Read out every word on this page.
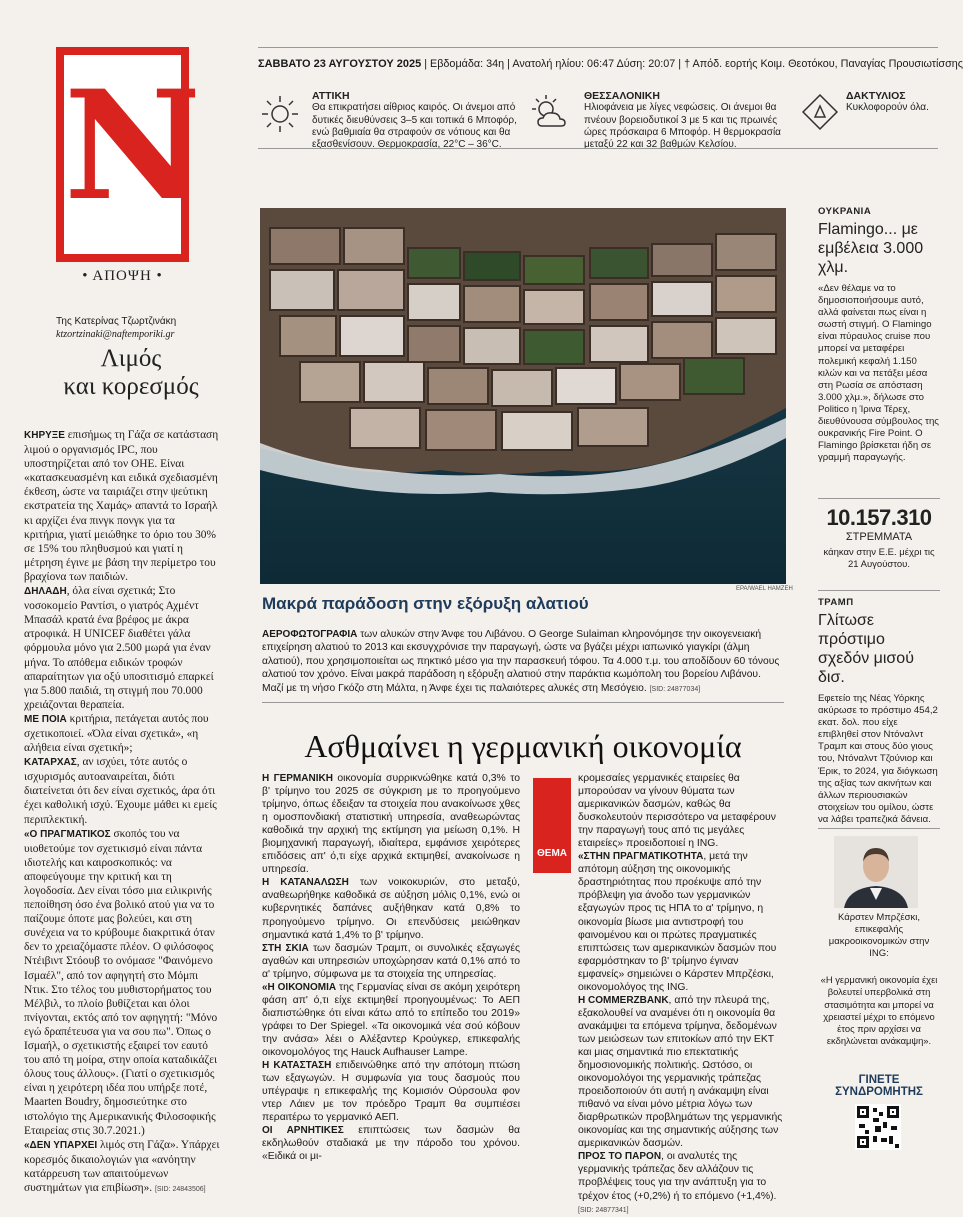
N
• ΑΠΟΨΗ •
Της Κατερίνας Τζωρτζινάκη
ktzortzinaki@naftemporiki.gr
Λιμός
και κορεσμός

ΚΗΡΥΞΕ επισήμως τη Γάζα σε κατάσταση λιμού ο οργανισμός IPC, που υποστηρίζεται από τον ΟΗΕ. Είναι «κατασκευασμένη και ειδικά σχεδιασμένη έκθεση, ώστε να ταιριάζει στην ψεύτικη εκστρατεία της Χαμάς» απαντά το Ισραήλ κι αρχίζει ένα πινγκ πονγκ για τα κριτήρια, γιατί μειώθηκε το όριο του 30% σε 15% του πληθυσμού και γιατί η μέτρηση έγινε με βάση την περίμετρο του βραχίονα των παιδιών.

ΔΗΛΑΔΗ, όλα είναι σχετικά; Στο νοσοκομείο Ραντίσι, ο γιατρός Αχμέντ Μπασάλ κρατά ένα βρέφος με άκρα ατροφικά. Η UNICEF διαθέτει γάλα φόρμουλα μόνο για 2.500 μωρά για έναν μήνα. Το απόθεμα ειδικών τροφών απαραίτητων για οξύ υποσιτισμό επαρκεί για 5.800 παιδιά, τη στιγμή που 70.000 χρειάζονται θεραπεία.

ΜΕ ΠΟΙΑ κριτήρια, πετάγεται αυτός που σχετικοποιεί. «Όλα είναι σχετικά», «η αλήθεια είναι σχετική»;

ΚΑΤΑΡΧΑΣ, αν ισχύει, τότε αυτός ο ισχυρισμός αυτοαναιρείται, διότι διατείνεται ότι δεν είναι σχετικός, άρα ότι έχει καθολική ισχύ. Έχουμε μάθει κι εμείς περιπλεκτική.

«Ο ΠΡΑΓΜΑΤΙΚΟΣ σκοπός του να υιοθετούμε τον σχετικισμό είναι πάντα ιδιοτελής και καιροσκοπικός: να αποφεύγουμε την κριτική και τη λογοδοσία. Δεν είναι τόσο μια ειλικρινής πεποίθηση όσο ένα βολικό ατού για να το παίζουμε όποτε μας βολεύει, και στη συνέχεια να το κρύβουμε διακριτικά όταν δεν το χρειαζόμαστε πλέον. Ο φιλόσοφος Ντέιβιντ Στόουβ το ονόμασε "Φαινόμενο Ισμαέλ", από τον αφηγητή στο Μόμπι Ντικ. Στο τέλος του μυθιστορήματος του Μέλβιλ, το πλοίο βυθίζεται και όλοι πνίγονται, εκτός από τον αφηγητή: "Μόνο εγώ δραπέτευσα για να σου πω". Όπως ο Ισμαήλ, ο σχετικιστής εξαιρεί τον εαυτό του από τη μοίρα, στην οποία καταδικάζει όλους τους άλλους». (Γιατί ο σχετικισμός είναι η χειρότερη ιδέα που υπήρξε ποτέ, Maarten Boudry, δημοσιεύτηκε στο ιστολόγιο της Αμερικανικής Φιλοσοφικής Εταιρείας στις 30.7.2021.)

«ΔΕΝ ΥΠΑΡΧΕΙ λιμός στη Γάζα». Υπάρχει κορεσμός δικαιολογιών για «ανόητην κατάρρευση των απαιτούμενων συστημάτων για επιβίωση». [SID: 24843506]

ΣΑΒΒΑΤΟ 23 ΑΥΓΟΥΣΤΟΥ 2025 | Εβδομάδα: 34η | Ανατολή ηλίου: 06:47 Δύση: 20:07 | † Απόδ. εορτής Κοιμ. Θεοτόκου, Παναγίας Προυσιωτίσσης
ΑΤΤΙΚΗ
Θα επικρατήσει αίθριος καιρός. Οι άνεμοι από δυτικές διευθύνσεις 3–5 και τοπικά 6 Μποφόρ, ενώ βαθμιαία θα στραφούν σε νότιους και θα εξασθενίσουν. Θερμοκρασία, 22°C – 36°C.
ΘΕΣΣΑΛΟΝΙΚΗ
Ηλιοφάνεια με λίγες νεφώσεις. Οι άνεμοι θα πνέουν βορειοδυτικοί 3 με 5 και τις πρωινές ώρες πρόσκαιρα 6 Μποφόρ. Η θερμοκρασία μεταξύ 22 και 32 βαθμών Κελσίου.
ΔΑΚΤΥΛΙΟΣ
Κυκλοφορούν όλα.
EPA/WAEL HAMZEH
Μακρά παράδοση στην εξόρυξη αλατιού
ΑΕΡΟΦΩΤΟΓΡΑΦΙΑ των αλυκών στην Άνφε του Λιβάνου. Ο George Sulaiman κληρονόμησε την οικογενειακή επιχείρηση αλατιού το 2013 και εκσυγχρόνισε την παραγωγή, ώστε να βγάζει μέχρι ιαπωνικό γιαγκίρι (άλμη αλατιού), που χρησιμοποιείται ως πηκτικό μέσο για την παρασκευή τόφου. Τα 4.000 τ.μ. του αποδίδουν 60 τόνους αλατιού τον χρόνο. Είναι μακρά παράδοση η εξόρυξη αλατιού στην παράκτια κωμόπολη του βορείου Λιβάνου. Μαζί με τη νήσο Γκόζο στη Μάλτα, η Άνφε έχει τις παλαιότερες αλυκές στη Μεσόγειο. [SID: 24877034]
Ασθμαίνει η γερμανική οικονομία
Η ΓΕΡΜΑΝΙΚΗ οικονομία συρρικνώθηκε κατά 0,3% το β' τρίμηνο του 2025 σε σύγκριση με το προηγούμενο τρίμηνο, όπως έδειξαν τα στοιχεία που ανακοίνωσε χθες η ομοσπονδιακή στατιστική υπηρεσία, αναθεωρώντας καθοδικά την αρχική της εκτίμηση για μείωση 0,1%. Η βιομηχανική παραγωγή, ιδιαίτερα, εμφάνισε χειρότερες επιδόσεις απ' ό,τι είχε αρχικά εκτιμηθεί, ανακοίνωσε η υπηρεσία.
Η ΚΑΤΑΝΑΛΩΣΗ των νοικοκυριών, στο μεταξύ, αναθεωρήθηκε καθοδικά σε αύξηση μόλις 0,1%, ενώ οι κυβερνητικές δαπάνες αυξήθηκαν κατά 0,8% το προηγούμενο τρίμηνο. Οι επενδύσεις μειώθηκαν σημαντικά κατά 1,4% το β' τρίμηνο.
ΣΤΗ ΣΚΙΑ των δασμών Τραμπ, οι συνολικές εξαγωγές αγαθών και υπηρεσιών υποχώρησαν κατά 0,1% από το α' τρίμηνο, σύμφωνα με τα στοιχεία της υπηρεσίας.
«Η ΟΙΚΟΝΟΜΙΑ της Γερμανίας είναι σε ακόμη χειρότερη φάση απ' ό,τι είχε εκτιμηθεί προηγουμένως: Το ΑΕΠ διαπιστώθηκε ότι είναι κάτω από το επίπεδο του 2019» γράφει το Der Spiegel. «Τα οικονομικά νέα σού κόβουν την ανάσα» λέει ο Αλέξαντερ Κρούγκερ, επικεφαλής οικονομολόγος της Hauck Aufhauser Lampe.
Η ΚΑΤΑΣΤΑΣΗ επιδεινώθηκε από την απότομη πτώση των εξαγωγών. Η συμφωνία για τους δασμούς που υπέγραψε η επικεφαλής της Κομισιόν Ούρσουλα φον ντερ Λάιεν με τον πρόεδρο Τραμπ θα συμπιέσει περαιτέρω το γερμανικό ΑΕΠ.
ΟΙ ΑΡΝΗΤΙΚΕΣ επιπτώσεις των δασμών θα εκδηλωθούν σταδιακά με την πάροδο του χρόνου. «Ειδικά οι μι-
ΘΕΜΑ
κρομεσαίες γερμανικές εταιρείες θα μπορούσαν να γίνουν θύματα των αμερικανικών δασμών, καθώς θα δυσκολευτούν περισσότερο να μεταφέρουν την παραγωγή τους από τις μεγάλες εταιρείες» προειδοποιεί η ING.
«ΣΤΗΝ ΠΡΑΓΜΑΤΙΚΟΤΗΤΑ, μετά την απότομη αύξηση της οικονομικής δραστηριότητας που προέκυψε από την πρόβλεψη για άνοδο των γερμανικών εξαγωγών προς τις ΗΠΑ το α' τρίμηνο, η οικονομία βίωσε μια αντιστροφή του φαινομένου και οι πρώτες πραγματικές επιπτώσεις των αμερικανικών δασμών που εφαρμόστηκαν το β' τρίμηνο έγιναν εμφανείς» σημειώνει ο Κάρστεν Μπρζέσκι, οικονομολόγος της ING.
Η COMMERZBANK, από την πλευρά της, εξακολουθεί να αναμένει ότι η οικονομία θα ανακάμψει τα επόμενα τρίμηνα, δεδομένων των μειώσεων των επιτοκίων από την ΕΚΤ και μιας σημαντικά πιο επεκτατικής δημοσιονομικής πολιτικής. Ωστόσο, οι οικονομολόγοι της γερμανικής τράπεζας προειδοποιούν ότι αυτή η ανάκαμψη είναι πιθανό να είναι μόνο μέτρια λόγω των διαρθρωτικών προβλημάτων της γερμανικής οικονομίας και της σημαντικής αύξησης των αμερικανικών δασμών.
ΠΡΟΣ ΤΟ ΠΑΡΟΝ, οι αναλυτές της γερμανικής τράπεζας δεν αλλάζουν τις προβλέψεις τους για την ανάπτυξη για το τρέχον έτος (+0,2%) ή το επόμενο (+1,4%). [SID: 24877341]
ΟΥΚΡΑΝΙΑ
Flamingo... με εμβέλεια 3.000 χλμ.
«Δεν θέλαμε να το δημοσιοποιήσουμε αυτό, αλλά φαίνεται πως είναι η σωστή στιγμή. Ο Flamingo είναι πύραυλος cruise που μπορεί να μεταφέρει πολεμική κεφαλή 1.150 κιλών και να πετάξει μέσα στη Ρωσία σε απόσταση 3.000 χλμ.», δήλωσε στο Politico η Ίρινα Τέρεχ, διευθύνουσα σύμβουλος της ουκρανικής Fire Point. Ο Flamingo βρίσκεται ήδη σε γραμμή παραγωγής.
10.157.310
ΣΤΡΕΜΜΑΤΑ
κάηκαν στην Ε.Ε. μέχρι τις 21 Αυγούστου.
ΤΡΑΜΠ
Γλίτωσε πρόστιμο σχεδόν μισού δισ.
Εφετείο της Νέας Υόρκης ακύρωσε το πρόστιμο 454,2 εκατ. δολ. που είχε επιβληθεί στον Ντόναλντ Τραμπ και στους δύο γιους του, Ντόναλντ Τζούνιορ και Έρικ, το 2024, για διόγκωση της αξίας των ακινήτων και άλλων περιουσιακών στοιχείων του ομίλου, ώστε να λάβει τραπεζικά δάνεια.
Κάρστεν Μπρζέσκι, επικεφαλής μακροοικονομικών στην ING:
«Η γερμανική οικονομία έχει βολευτεί υπερβολικά στη στασιμότητα και μπορεί να χρειαστεί μέχρι το επόμενο έτος πριν αρχίσει να εκδηλώνεται ανάκαμψη».
ΓΙΝΕΤΕ
ΣΥΝΔΡΟΜΗΤΗΣ
